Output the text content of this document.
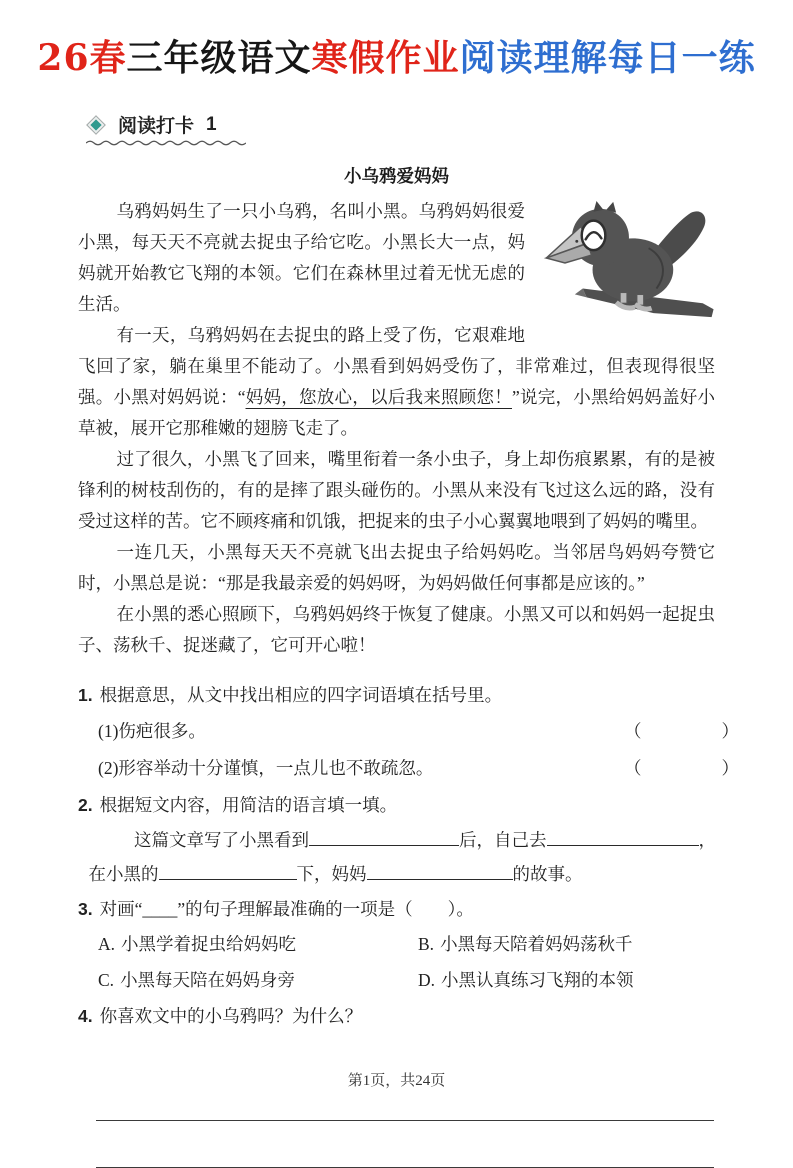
26春三年级语文寒假作业阅读理解每日一练
阅读打卡 1
小乌鸦爱妈妈

乌鸦妈妈生了一只小乌鸦，名叫小黑。乌鸦妈妈很爱小黑，每天天不亮就去捉虫子给它吃。小黑长大一点，妈妈就开始教它飞翔的本领。它们在森林里过着无忧无虑的生活。

有一天，乌鸦妈妈在去捉虫的路上受了伤，它艰难地飞回了家，躺在巢里不能动了。小黑看到妈妈受伤了，非常难过，但表现得很坚强。小黑对妈妈说：“妈妈，您放心，以后我来照顾您！”说完，小黑给妈妈盖好小草被，展开它那稚嫩的翅膀飞走了。

过了很久，小黑飞了回来，嘴里衔着一条小虫子，身上却伤痕累累，有的是被锋利的树枝刮伤的，有的是摔了跟头碰伤的。小黑从来没有飞过这么远的路，没有受过这样的苦。它不顾疼痛和饥饿，把捉来的虫子小心翼翼地喂到了妈妈的嘴里。

一连几天，小黑每天天不亮就飞出去捉虫子给妈妈吃。当邻居鸟妈妈夸赞它时，小黑总是说：“那是我最亲爱的妈妈呀，为妈妈做任何事都是应该的。”

在小黑的悉心照顾下，乌鸦妈妈终于恢复了健康。小黑又可以和妈妈一起捉虫子、荡秋千、捉迷藏了，它可开心啦！

1. 根据意思，从文中找出相应的四字词语填在括号里。
(1)伤疤很多。	（　　　　）
(2)形容举动十分谨慎，一点儿也不敢疏忽。	（　　　　）
2. 根据短文内容，用简洁的语言填一填。
这篇文章写了小黑看到	后，自己去	，
在小黑的	下，妈妈	的故事。
3. 对画“____”的句子理解最准确的一项是（　　）。
A. 小黑学着捉虫给妈妈吃	B. 小黑每天陪着妈妈荡秋千
C. 小黑每天陪在妈妈身旁	D. 小黑认真练习飞翔的本领
4. 你喜欢文中的小乌鸦吗？为什么？
第1页，共24页
